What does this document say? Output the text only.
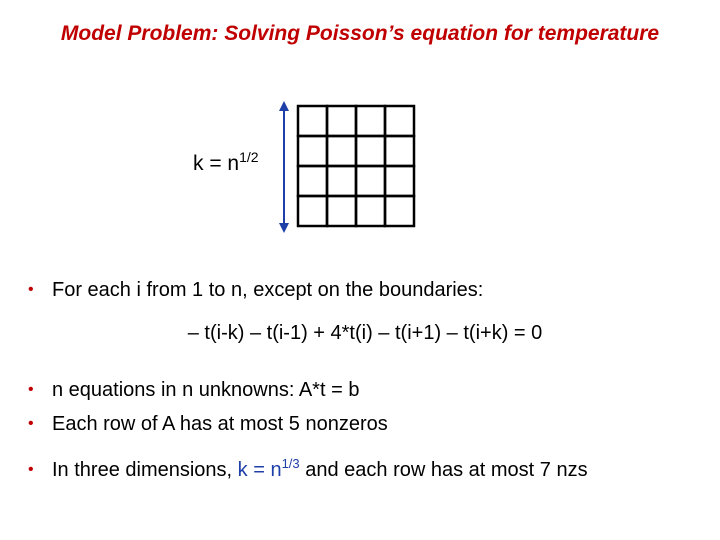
Model Problem: Solving Poisson’s equation for temperature
$k = n^{1/2}$
• For each i from 1 to n, except on the boundaries:
– t(i-k) – t(i-1) + 4*t(i) – t(i+1) – t(i+k) = 0
• n equations in n unknowns: A*t = b
• Each row of A has at most 5 nonzeros
• In three dimensions, $k = n^{1/3}$ and each row has at most 7 nzs
